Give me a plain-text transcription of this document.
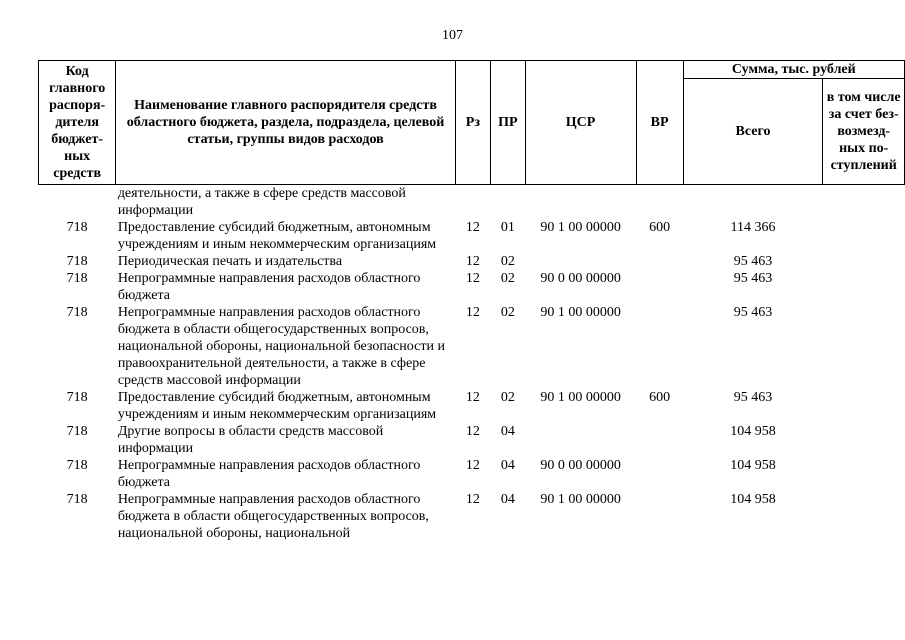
107
Код главного распоря-дителя бюджет-ных средств	Наименование главного распорядителя средств областного бюджета, раздела, подраздела, целевой статьи, группы видов расходов	Рз	ПР	ЦСР	ВР	Сумма, тыс. рублей	
						Всего	в том числе за счет без-возмезд-ных по-ступлений
	деятельности, а также в сфере средств массовой информации						
718	Предоставление субсидий бюджетным, автономным учреждениям и иным некоммерческим организациям	12	01	90 1 00 00000	600	114 366	
718	Периодическая печать и издательства	12	02			95 463	
718	Непрограммные направления расходов областного бюджета	12	02	90 0 00 00000		95 463	
718	Непрограммные направления расходов областного бюджета в области общегосударственных вопросов, национальной обороны, национальной безопасности и правоохранительной деятельности, а также в сфере средств массовой информации	12	02	90 1 00 00000		95 463	
718	Предоставление субсидий бюджетным, автономным учреждениям и иным некоммерческим организациям	12	02	90 1 00 00000	600	95 463	
718	Другие вопросы в области средств массовой информации	12	04			104 958	
718	Непрограммные направления расходов областного бюджета	12	04	90 0 00 00000		104 958	
718	Непрограммные направления расходов областного бюджета в области общегосударственных вопросов, национальной обороны, национальной	12	04	90 1 00 00000		104 958	
